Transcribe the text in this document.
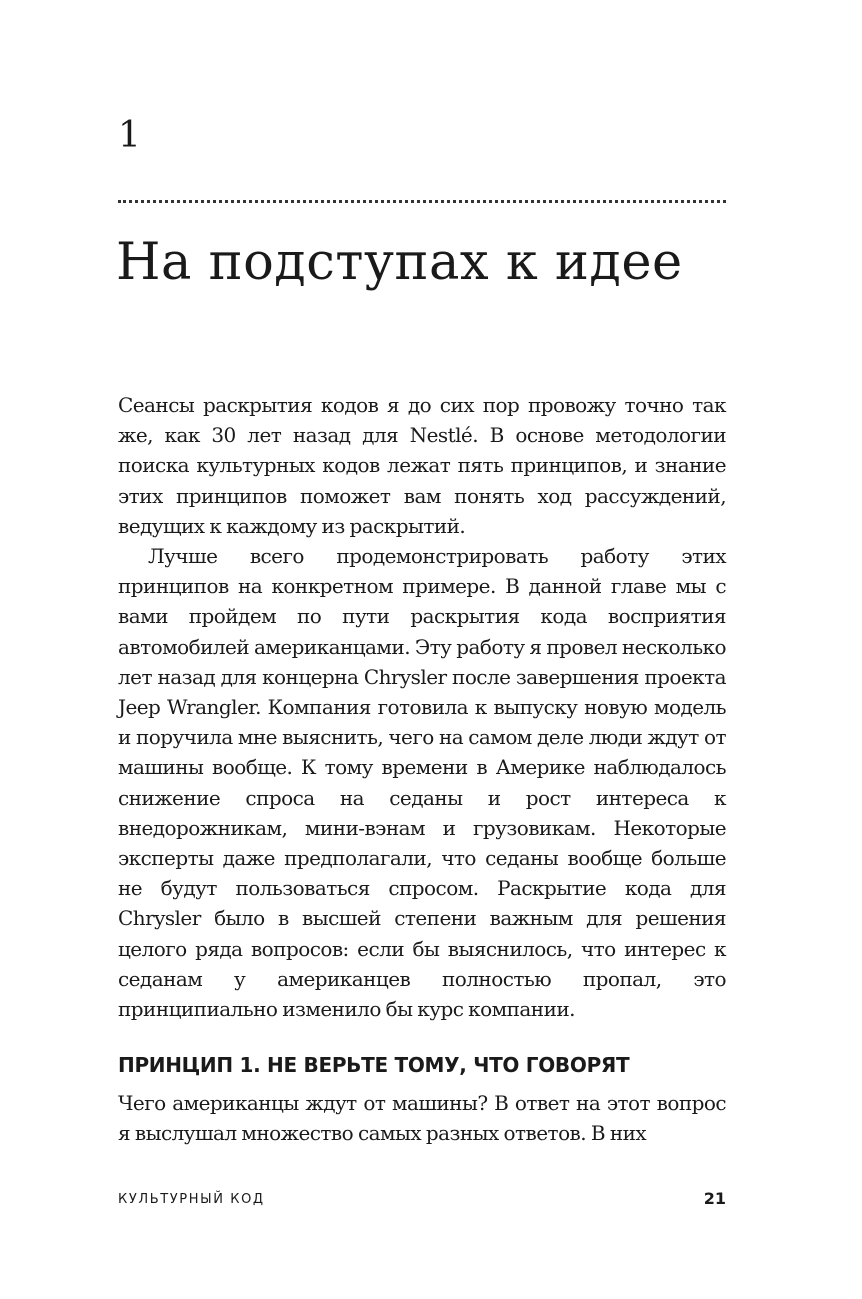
1
На подступах к идее

Сеансы раскрытия кодов я до сих пор провожу точно так же, как 30 лет назад для Nestlé. В основе методологии поиска культурных кодов лежат пять принципов, и знание этих принципов поможет вам понять ход рассуждений, ведущих к каждому из раскрытий.

Лучше всего продемонстрировать работу этих принципов на конкретном примере. В данной главе мы с вами пройдем по пути раскрытия кода восприятия автомобилей американцами. Эту работу я провел несколько лет назад для концерна Chrysler после завершения проекта Jeep Wrangler. Компания готовила к выпуску новую модель и поручила мне выяснить, чего на самом деле люди ждут от машины вообще. К тому времени в Америке наблюдалось снижение спроса на седаны и рост интереса к внедорожникам, мини-вэнам и грузовикам. Некоторые эксперты даже предполагали, что седаны вообще больше не будут пользоваться спросом. Раскрытие кода для Chrysler было в высшей степени важным для решения целого ряда вопросов: если бы выяснилось, что интерес к седанам у американцев полностью пропал, это принципиально изменило бы курс компании.

ПРИНЦИП 1. НЕ ВЕРЬТЕ ТОМУ, ЧТО ГОВОРЯТ

Чего американцы ждут от машины? В ответ на этот вопрос я выслушал множество самых разных ответов. В них

КУЛЬТУРНЫЙ КОД	21
